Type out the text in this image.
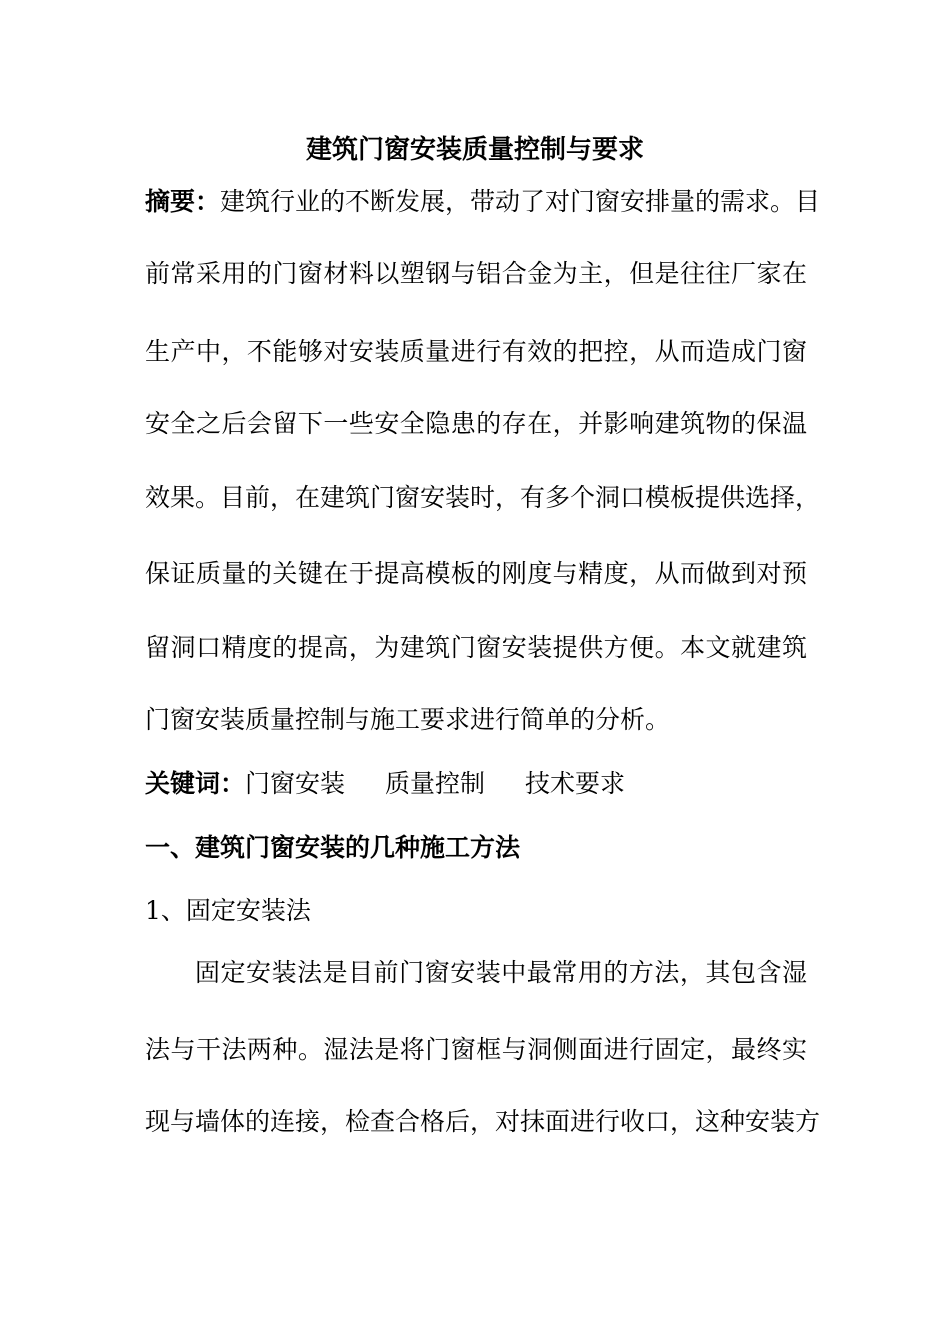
建筑门窗安装质量控制与要求
摘要：建筑行业的不断发展，带动了对门窗安排量的需求。目
前常采用的门窗材料以塑钢与铝合金为主，但是往往厂家在
生产中，不能够对安装质量进行有效的把控，从而造成门窗
安全之后会留下一些安全隐患的存在，并影响建筑物的保温
效果。目前，在建筑门窗安装时，有多个洞口模板提供选择，
保证质量的关键在于提高模板的刚度与精度，从而做到对预
留洞口精度的提高，为建筑门窗安装提供方便。本文就建筑
门窗安装质量控制与施工要求进行简单的分析。
关键词：门窗安装 质量控制 技术要求
一、建筑门窗安装的几种施工方法
1、固定安装法
固定安装法是目前门窗安装中最常用的方法，其包含湿
法与干法两种。湿法是将门窗框与洞侧面进行固定，最终实
现与墙体的连接，检查合格后，对抹面进行收口，这种安装方
